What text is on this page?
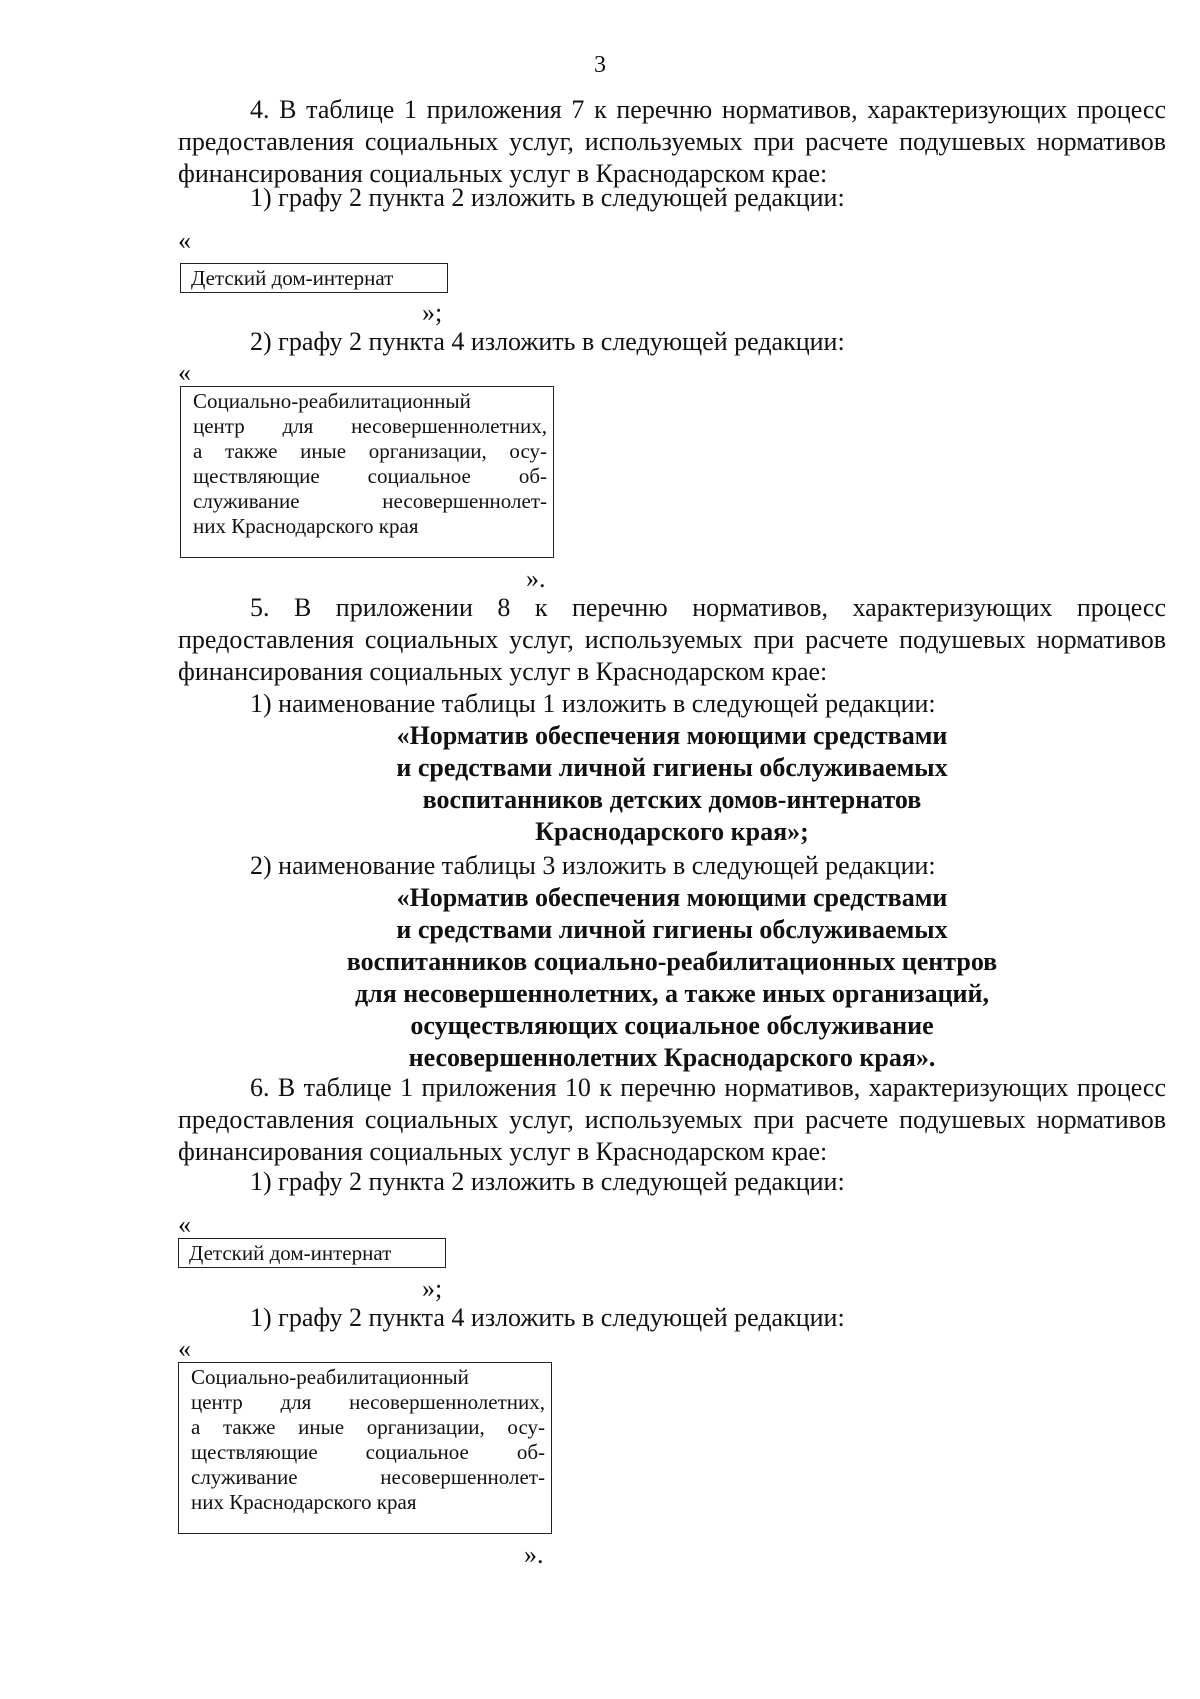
3

4. В таблице 1 приложения 7 к перечню нормативов, характеризующих процесс предоставления социальных услуг, используемых при расчете подушевых нормативов финансирования социальных услуг в Краснодарском крае:

1) графу 2 пункта 2 изложить в следующей редакции:
«
Детский дом-интернат
»;
2) графу 2 пункта 4 изложить в следующей редакции:
«
Социально-реабилитационный
центр для несовершеннолетних,
а также иные организации, осу-
ществляющие социальное об-
служивание несовершеннолет-
них Краснодарского края
».

5. В приложении 8 к перечню нормативов, характеризующих процесс предоставления социальных услуг, используемых при расчете подушевых нормативов финансирования социальных услуг в Краснодарском крае:

1) наименование таблицы 1 изложить в следующей редакции:
«Норматив обеспечения моющими средствами
и средствами личной гигиены обслуживаемых
воспитанников детских домов-интернатов
Краснодарского края»;
2) наименование таблицы 3 изложить в следующей редакции:
«Норматив обеспечения моющими средствами
и средствами личной гигиены обслуживаемых
воспитанников социально-реабилитационных центров
для несовершеннолетних, а также иных организаций,
осуществляющих социальное обслуживание
несовершеннолетних Краснодарского края».

6. В таблице 1 приложения 10 к перечню нормативов, характеризующих процесс предоставления социальных услуг, используемых при расчете подушевых нормативов финансирования социальных услуг в Краснодарском крае:

1) графу 2 пункта 2 изложить в следующей редакции:
«
Детский дом-интернат
»;
1) графу 2 пункта 4 изложить в следующей редакции:
«
Социально-реабилитационный
центр для несовершеннолетних,
а также иные организации, осу-
ществляющие социальное об-
служивание несовершеннолет-
них Краснодарского края
».
